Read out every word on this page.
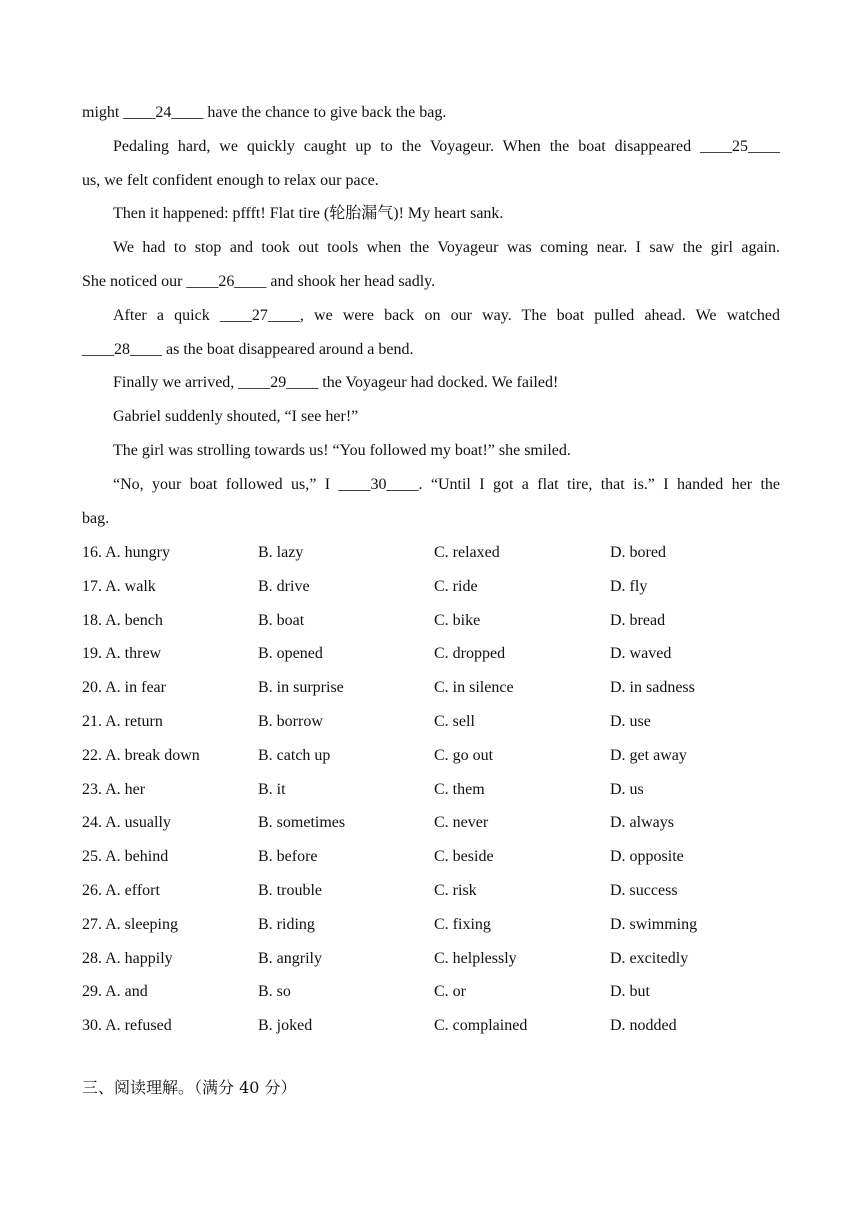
might ____24____ have the chance to give back the bag.
Pedaling hard, we quickly caught up to the Voyageur. When the boat disappeared ____25____
us, we felt confident enough to relax our pace.
Then it happened: pffft! Flat tire (轮胎漏气)! My heart sank.
We had to stop and took out tools when the Voyageur was coming near. I saw the girl again.
She noticed our ____26____ and shook her head sadly.
After a quick ____27____, we were back on our way. The boat pulled ahead. We watched
____28____ as the boat disappeared around a bend.
Finally we arrived, ____29____ the Voyageur had docked. We failed!
Gabriel suddenly shouted, “I see her!”
The girl was strolling towards us! “You followed my boat!” she smiled.
“No, your boat followed us,” I ____30____. “Until I got a flat tire, that is.” I handed her the
bag.
16. A. hungry	B. lazy	C. relaxed	D. bored
17. A. walk	B. drive	C. ride	D. fly
18. A. bench	B. boat	C. bike	D. bread
19. A. threw	B. opened	C. dropped	D. waved
20. A. in fear	B. in surprise	C. in silence	D. in sadness
21. A. return	B. borrow	C. sell	D. use
22. A. break down	B. catch up	C. go out	D. get away
23. A. her	B. it	C. them	D. us
24. A. usually	B. sometimes	C. never	D. always
25. A. behind	B. before	C. beside	D. opposite
26. A. effort	B. trouble	C. risk	D. success
27. A. sleeping	B. riding	C. fixing	D. swimming
28. A. happily	B. angrily	C. helplessly	D. excitedly
29. A. and	B. so	C. or	D. but
30. A. refused	B. joked	C. complained	D. nodded
三、阅读理解。（满分 40 分）
